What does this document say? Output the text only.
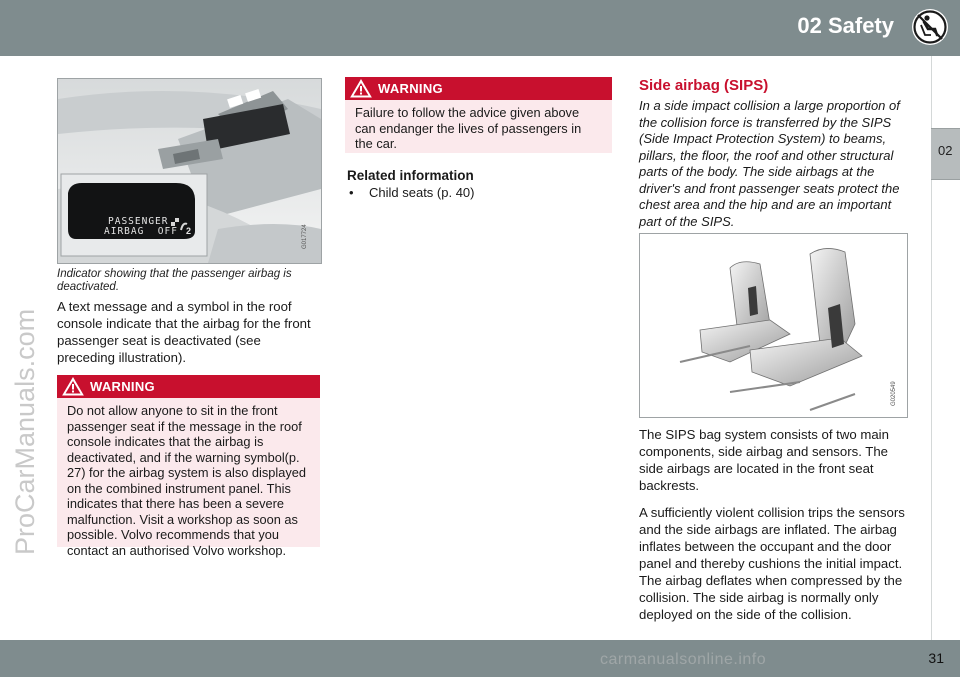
02 Safety
02
PASSENGER
AIRBAG  OFF 2	G017724
Indicator showing that the passenger airbag is deactivated.

A text message and a symbol in the roof console indicate that the airbag for the front passenger seat is deactivated (see preceding illustration).

WARNING
Do not allow anyone to sit in the front passenger seat if the message in the roof console indicates that the airbag is deactivated, and if the warning symbol(p. 27) for the airbag system is also displayed on the combined instrument panel. This indicates that there has been a severe malfunction. Visit a workshop as soon as possible. Volvo recommends that you contact an authorised Volvo workshop.
WARNING
Failure to follow the advice given above can endanger the lives of passengers in the car.
Related information
• Child seats (p. 40)
Side airbag (SIPS)
In a side impact collision a large proportion of the collision force is transferred by the SIPS (Side Impact Protection System) to beams, pillars, the floor, the roof and other structural parts of the body. The side airbags at the driver's and front passenger seats protect the chest area and the hip and are an important part of the SIPS.
G020549

The SIPS bag system consists of two main components, side airbag and sensors. The side airbags are located in the front seat backrests.

A sufficiently violent collision trips the sensors and the side airbags are inflated. The airbag inflates between the occupant and the door panel and thereby cushions the initial impact. The airbag deflates when compressed by the collision. The side airbag is normally only deployed on the side of the collision.

31
ProCarManuals.com
carmanualsonline.info
